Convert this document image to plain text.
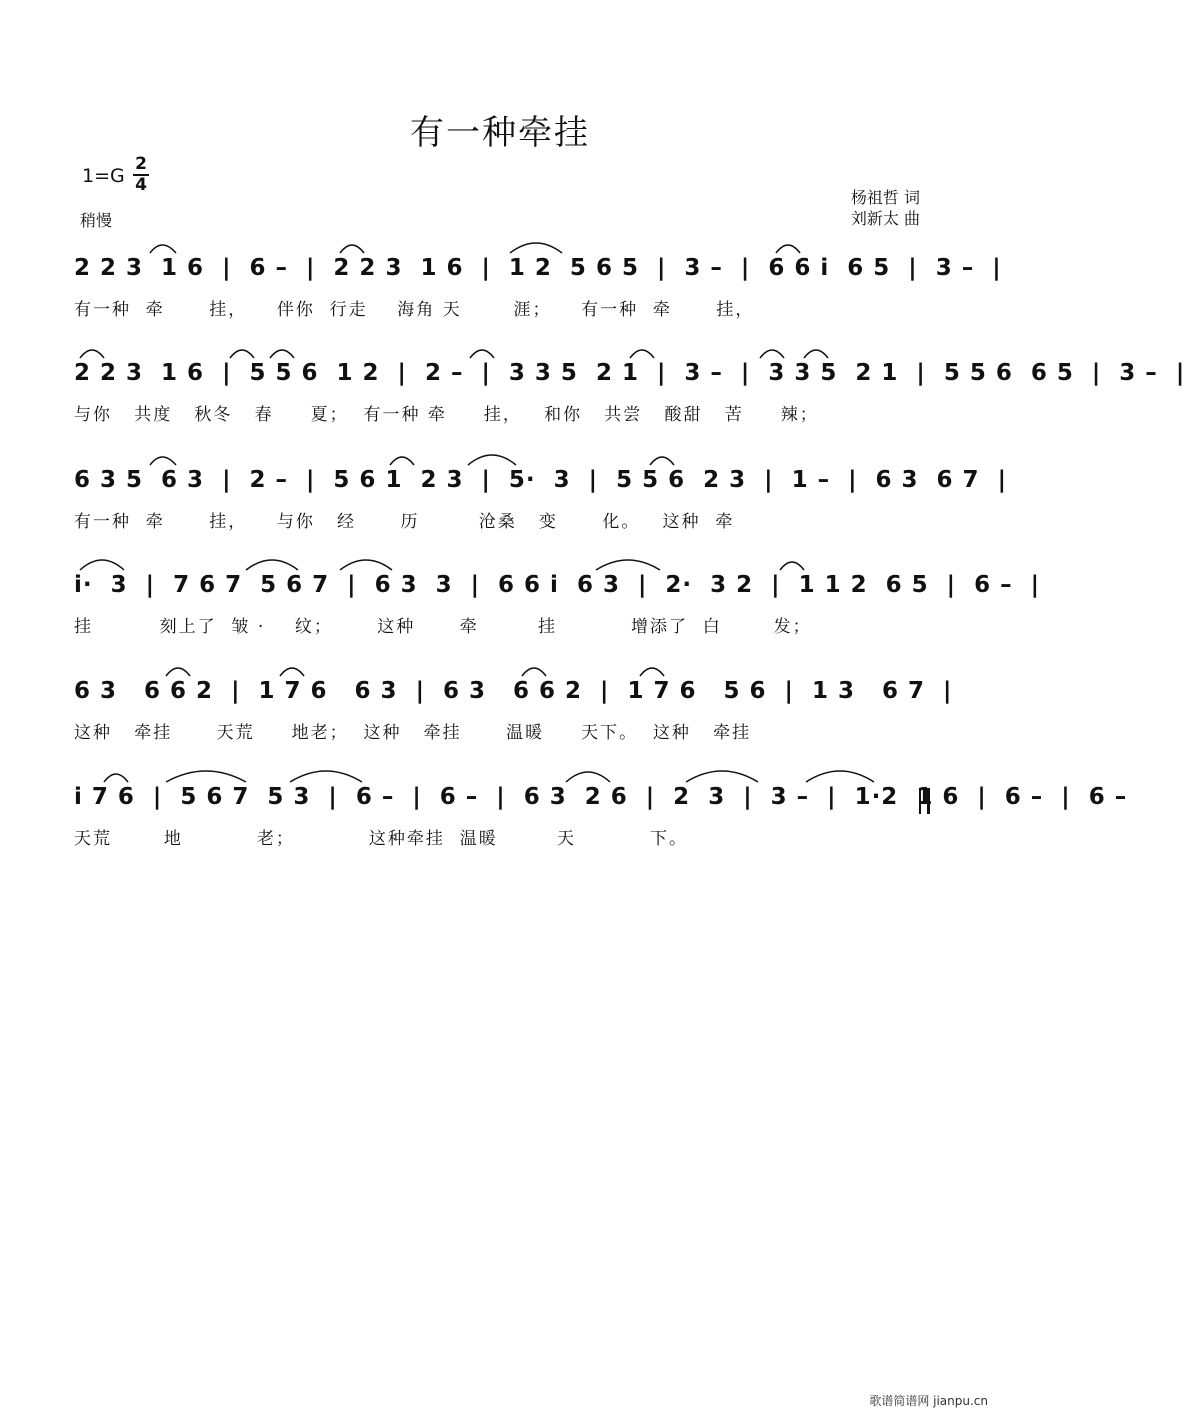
有一种牵挂
$1=G \frac{2}{4}$
稍慢
杨祖哲 词
刘新太 曲
2 2 3  1 6  |  6 –  |  2 2 3  1 6  |  1 2  5 6 5  |  3 –  |  6 6 i  6 5  |  3 –  |
有一种  牵      挂，    伴你  行走    海角 天       涯；    有一种  牵      挂，
2 2 3  1 6  |  5 5 6  1 2  |  2 –  |  3 3 5  2 1  |  3 –  |  3 3 5  2 1  |  5 5 6  6 5  |  3 –  |
与你   共度   秋冬   春     夏；  有一种 牵     挂，   和你   共尝   酸甜   苦     辣；
6 3 5  6 3  |  2 –  |  5 6 1  2 3  |  5·  3  |  5 5 6  2 3  |  1 –  |  6 3  6 7  |
有一种  牵      挂，    与你   经      历        沧桑   变      化。   这种  牵
i·  3  |  7 6 7  5 6 7  |  6 3  3  |  6 6 i  6 3  |  2·  3 2  |  1 1 2  6 5  |  6 –  |
挂         刻上了  皱 ·    纹；      这种      牵        挂          增添了  白       发；
6 3   6 6 2  |  1 7 6   6 3  |  6 3   6 6 2  |  1 7 6   5 6  |  1 3   6 7  |
这种   牵挂      天荒     地老；  这种   牵挂      温暖     天下。  这种   牵挂
i 7 6  |  5 6 7  5 3  |  6 –  |  6 –  |  6 3  2 6  |  2  3  |  3 –  |  1·2  1 6  |  6 –  |  6 –
天荒       地          老；          这种牵挂  温暖        天          下。
歌谱简谱网 jianpu.cn
